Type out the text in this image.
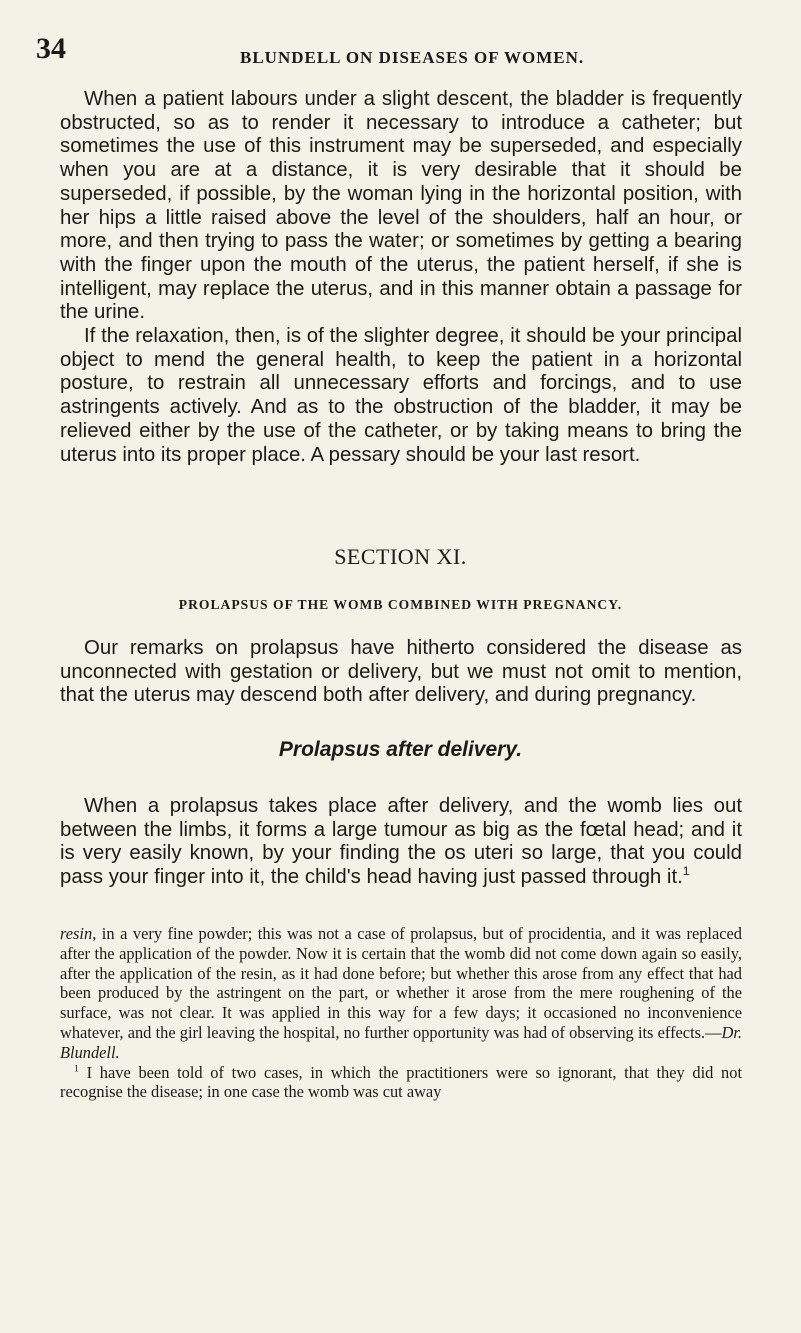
34	BLUNDELL ON DISEASES OF WOMEN.

When a patient labours under a slight descent, the bladder is frequently obstructed, so as to render it necessary to introduce a catheter; but sometimes the use of this instrument may be superseded, and especially when you are at a distance, it is very desirable that it should be superseded, if possible, by the woman lying in the horizontal position, with her hips a little raised above the level of the shoulders, half an hour, or more, and then trying to pass the water; or sometimes by getting a bearing with the finger upon the mouth of the uterus, the patient herself, if she is intelligent, may replace the uterus, and in this manner obtain a passage for the urine.

If the relaxation, then, is of the slighter degree, it should be your principal object to mend the general health, to keep the patient in a horizontal posture, to restrain all unnecessary efforts and forcings, and to use astringents actively. And as to the obstruction of the bladder, it may be relieved either by the use of the catheter, or by taking means to bring the uterus into its proper place. A pessary should be your last resort.

SECTION XI.
PROLAPSUS OF THE WOMB COMBINED WITH PREGNANCY.

Our remarks on prolapsus have hitherto considered the disease as unconnected with gestation or delivery, but we must not omit to mention, that the uterus may descend both after delivery, and during pregnancy.

Prolapsus after delivery.

When a prolapsus takes place after delivery, and the womb lies out between the limbs, it forms a large tumour as big as the fœtal head; and it is very easily known, by your finding the os uteri so large, that you could pass your finger into it, the child's head having just passed through it.$^1$

resin, in a very fine powder; this was not a case of prolapsus, but of procidentia, and it was replaced after the application of the powder. Now it is certain that the womb did not come down again so easily, after the application of the resin, as it had done before; but whether this arose from any effect that had been produced by the astringent on the part, or whether it arose from the mere roughening of the surface, was not clear. It was applied in this way for a few days; it occasioned no inconvenience whatever, and the girl leaving the hospital, no further opportunity was had of observing its effects.—Dr. Blundell.

$^1$ I have been told of two cases, in which the practitioners were so ignorant, that they did not recognise the disease; in one case the womb was cut away
